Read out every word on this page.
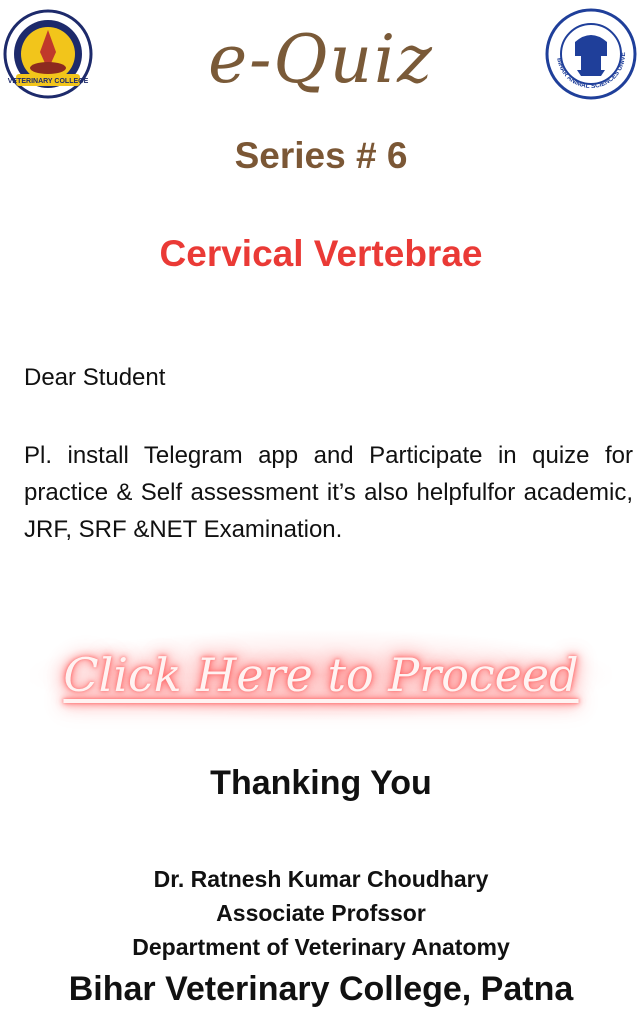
VETERINARY COLLEGE	e-Quiz	BIHAR ANIMAL SCIENCES UNIVE
Series # 6
Cervical Vertebrae
Dear Student
Pl. install Telegram app and Participate in quize for practice & Self assessment it’s also helpfulfor academic, JRF, SRF &NET Examination.
Click Here to Proceed
Thanking You
Dr. Ratnesh Kumar Choudhary
Associate Profssor
Department of Veterinary Anatomy
Bihar Veterinary College, Patna
